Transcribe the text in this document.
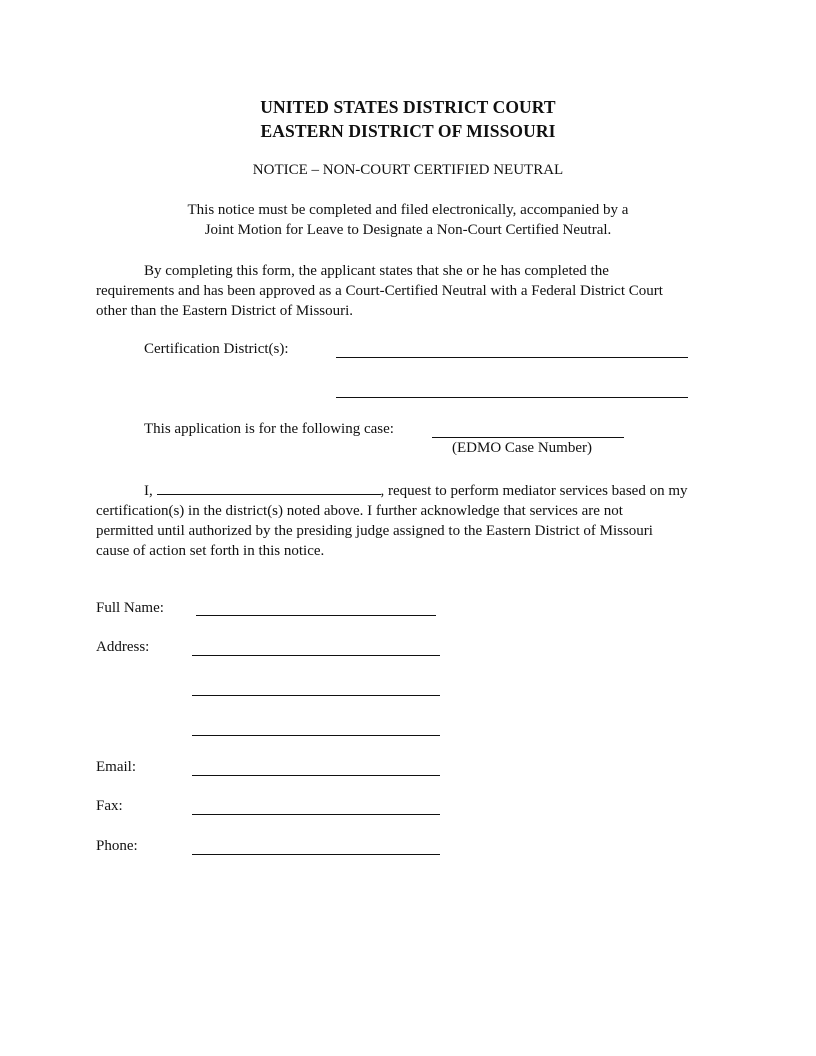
UNITED STATES DISTRICT COURT
EASTERN DISTRICT OF MISSOURI
NOTICE – NON-COURT CERTIFIED NEUTRAL
This notice must be completed and filed electronically, accompanied by a
Joint Motion for Leave to Designate a Non-Court Certified Neutral.
By completing this form, the applicant states that she or he has completed the
requirements and has been approved as a Court-Certified Neutral with a Federal District Court
other than the Eastern District of Missouri.
Certification District(s):
This application is for the following case:
(EDMO Case Number)
I,	, request to perform mediator services based on my
certification(s) in the district(s) noted above. I further acknowledge that services are not
permitted until authorized by the presiding judge assigned to the Eastern District of Missouri
cause of action set forth in this notice.
Full Name:
Address:
Email:
Fax:
Phone:
